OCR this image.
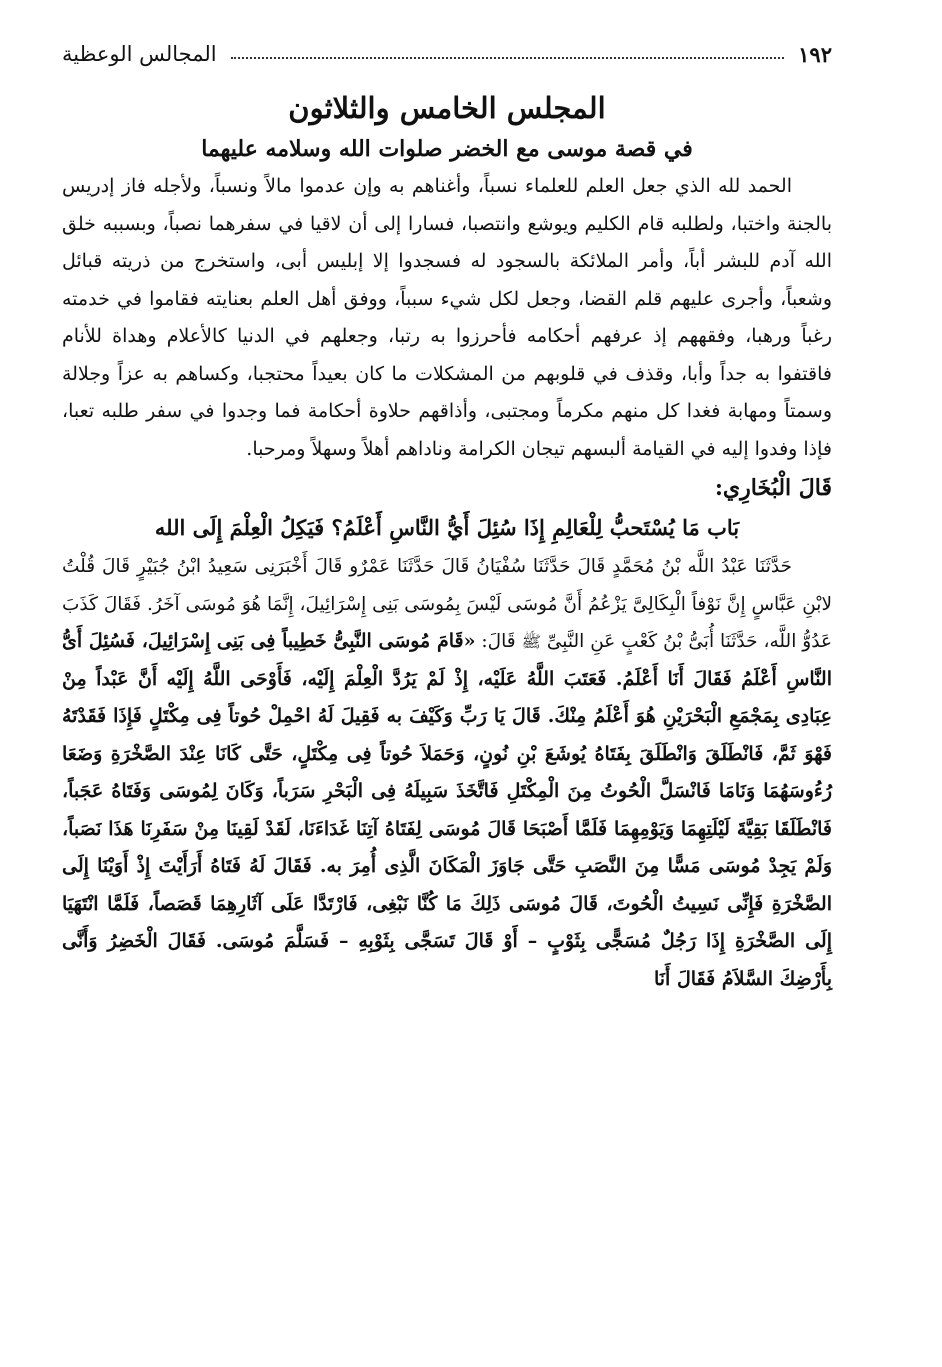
١٩٢
المجالس الوعظية
المجلس الخامس والثلاثون
في قصة موسى مع الخضر صلوات الله وسلامه عليهما

الحمد لله الذي جعل العلم للعلماء نسباً، وأغناهم به وإن عدموا مالاً ونسباً، ولأجله فاز إدريس بالجنة واختبا، ولطلبه قام الكليم ويوشع وانتصبا، فسارا إلى أن لاقيا في سفرهما نصباً، وبسببه خلق الله آدم للبشر أباً، وأمر الملائكة بالسجود له فسجدوا إلا إبليس أبى، واستخرج من ذريته قبائل وشعباً، وأجرى عليهم قلم القضا، وجعل لكل شيء سبباً، ووفق أهل العلم بعنايته فقاموا في خدمته رغباً ورهبا، وفقههم إذ عرفهم أحكامه فأحرزوا به رتبا، وجعلهم في الدنيا كالأعلام وهداة للأنام فاقتفوا به جداً وأبا، وقذف في قلوبهم من المشكلات ما كان بعيداً محتجبا، وكساهم به عزاً وجلالة وسمتاً ومهابة فغدا كل منهم مكرماً ومجتبى، وأذاقهم حلاوة أحكامة فما وجدوا في سفر طلبه تعبا، فإذا وفدوا إليه في القيامة ألبسهم تيجان الكرامة وناداهم أهلاً وسهلاً ومرحبا.

قَالَ الْبُخَارِي:

بَاب مَا يُسْتَحبُّ لِلْعَالِمِ إِذَا سُئِلَ أَيُّ النَّاسِ أَعْلَمُ؟ فَيَكِلُ الْعِلْمَ إِلَى الله

حَدَّثَنَا عَبْدُ اللَّه بْنُ مُحَمَّدٍ قَالَ حَدَّثَنَا سُفْيَانُ قَالَ حَدَّثَنَا عَمْرٌو قَالَ أَخْبَرَنِى سَعِيدُ ابْنُ جُبَيْرٍ قَالَ قُلْتُ لابْنِ عَبَّاسٍ إِنَّ نَوْفاً الْبِكَالِىَّ يَزْعُمُ أَنَّ مُوسَى لَيْسَ بِمُوسَى بَنِى إِسْرَائِيلَ، إِنَّمَا هُوَ مُوسَى آخَرُ. فَقَالَ كَذَبَ عَدُوُّ اللَّه، حَدَّثَنَا أُبَىُّ بْنُ كَعْبٍ عَنِ النَّبِىِّ ﷺ قَالَ: «قَامَ مُوسَى النَّبِىُّ خَطِيباً فِى بَنِى إِسْرَائِيلَ، فَسُئِلَ أَىُّ النَّاسِ أَعْلَمُ فَقَالَ أَنَا أَعْلَمُ. فَعَتَبَ اللَّهُ عَلَيْه، إِذْ لَمْ يَرُدَّ الْعِلْمَ إِلَيْه، فَأَوْحَى اللَّهُ إِلَيْه أَنَّ عَبْداً مِنْ عِبَادِى بِمَجْمَعِ الْبَحْرَيْنِ هُوَ أَعْلَمُ مِنْكَ. قَالَ يَا رَبِّ وَكَيْفَ به فَقِيلَ لَهُ احْمِلْ حُوتاً فِى مِكْتَلٍ فَإِذَا فَقَدْتَهُ فَهْوَ ثَمَّ، فَانْطَلَقَ وَانْطَلَقَ بِفَتَاهُ يُوشَعَ بْنِ نُونٍ، وَحَمَلاَ حُوتاً فِى مِكْتَلٍ، حَتَّى كَانَا عِنْدَ الصَّخْرَةِ وَضَعَا رُءُوسَهُمَا وَنَامَا فَانْسَلَّ الْحُوتُ مِنَ الْمِكْتَلِ فَاتَّخَذَ سَبِيلَهُ فِى الْبَحْرِ سَرَباً، وَكَانَ لِمُوسَى وَفَتَاهُ عَجَباً، فَانْطَلَقَا بَقِيَّةَ لَيْلَتِهِمَا وَيَوْمِهِمَا فَلَمَّا أَصْبَحَا قَالَ مُوسَى لِفَتَاهُ آتِنَا غَدَاءَنَا، لَقَدْ لَقِينَا مِنْ سَفَرِنَا هَذَا نَصَباً، وَلَمْ يَجِدْ مُوسَى مَسًّا مِنَ النَّصَبِ حَتَّى جَاوَزَ الْمَكَانَ الَّذِى أُمِرَ به. فَقَالَ لَهُ فَتَاهُ أَرَأَيْتَ إِذْ أَوَيْنَا إِلَى الصَّخْرَةِ فَإِنِّى نَسِيتُ الْحُوتَ، قَالَ مُوسَى ذَلِكَ مَا كُنَّا نَبْغِى، فَارْتَدَّا عَلَى آثَارِهِمَا قَصَصاً، فَلَمَّا انْتَهَيَا إِلَى الصَّخْرَةِ إِذَا رَجُلٌ مُسَجًّى بِثَوْبٍ – أَوْ قَالَ تَسَجَّى بِثَوْبِهِ – فَسَلَّمَ مُوسَى. فَقَالَ الْخَضِرُ وَأَنَّى بِأَرْضِكَ السَّلاَمُ فَقَالَ أَنَا
